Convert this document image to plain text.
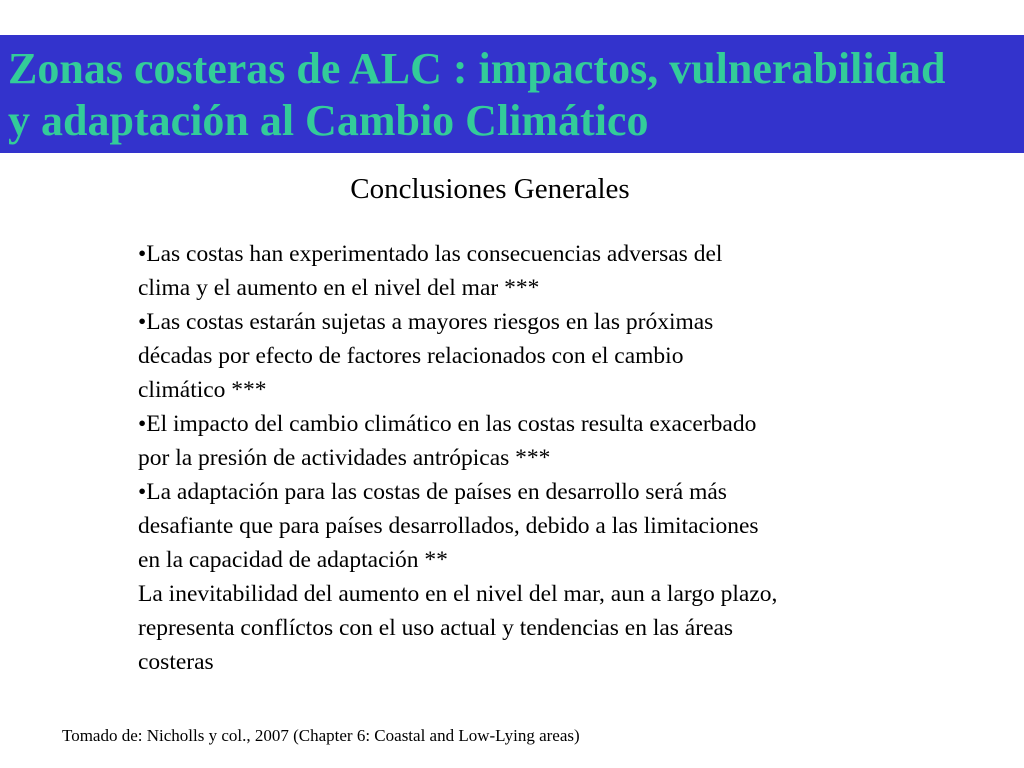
Zonas costeras de ALC : impactos, vulnerabilidad
y adaptación al Cambio Climático
Conclusiones Generales
•Las costas han experimentado las consecuencias adversas del
clima y el aumento en el nivel del mar ***
•Las costas estarán sujetas a mayores riesgos en las próximas
décadas por efecto de factores relacionados con el cambio
climático ***
•El impacto del cambio climático en las costas resulta exacerbado
por la presión de actividades antrópicas ***
•La adaptación para las costas de países en desarrollo será más
desafiante que para países desarrollados, debido a las limitaciones
en la capacidad de adaptación **
La inevitabilidad del aumento en el nivel del mar, aun a largo plazo,
representa conflíctos con el uso actual y tendencias en las áreas
costeras
Tomado de: Nicholls y col., 2007 (Chapter 6: Coastal and Low-Lying areas)
